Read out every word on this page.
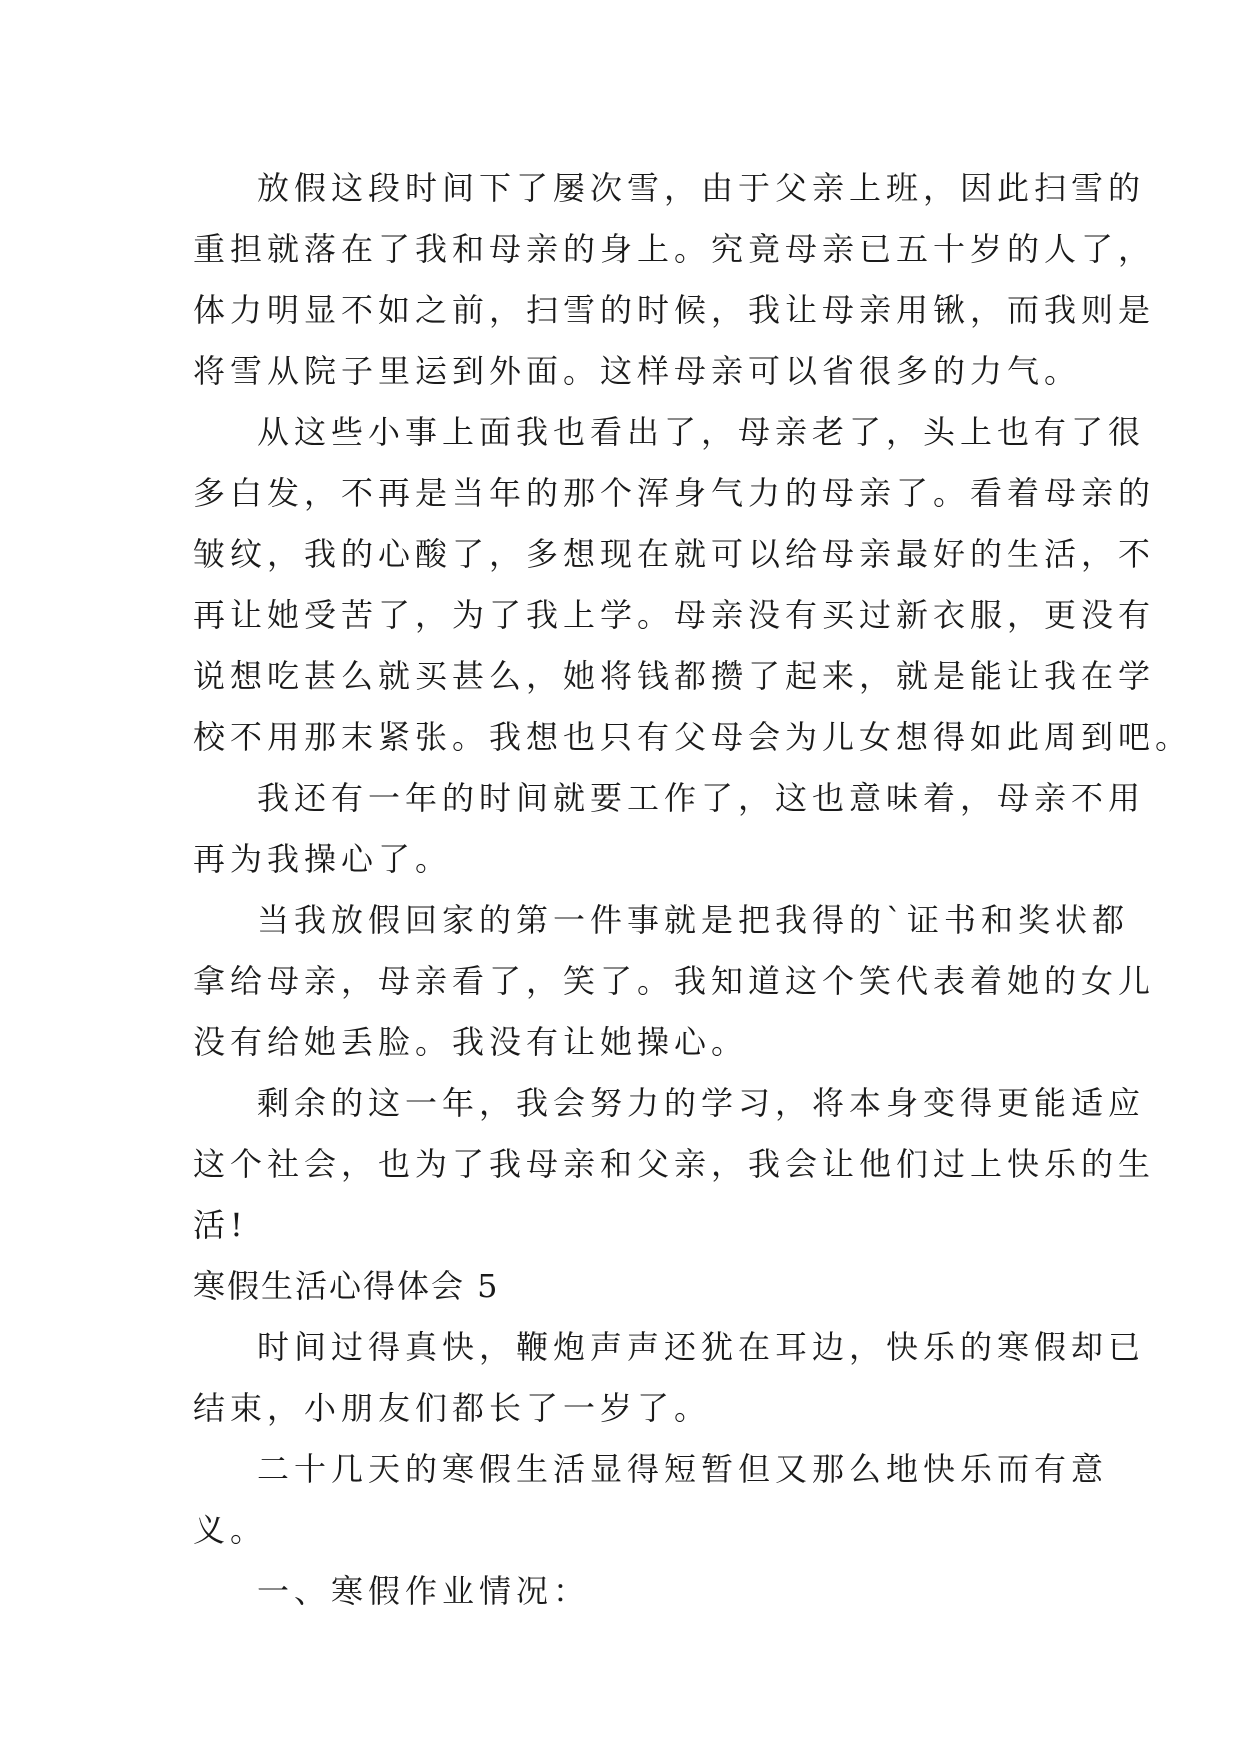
放假这段时间下了屡次雪，由于父亲上班，因此扫雪的
重担就落在了我和母亲的身上。究竟母亲已五十岁的人了，
体力明显不如之前，扫雪的时候，我让母亲用锹，而我则是
将雪从院子里运到外面。这样母亲可以省很多的力气。
从这些小事上面我也看出了，母亲老了，头上也有了很
多白发，不再是当年的那个浑身气力的母亲了。看着母亲的
皱纹，我的心酸了，多想现在就可以给母亲最好的生活，不
再让她受苦了，为了我上学。母亲没有买过新衣服，更没有
说想吃甚么就买甚么，她将钱都攒了起来，就是能让我在学
校不用那末紧张。我想也只有父母会为儿女想得如此周到吧。
我还有一年的时间就要工作了，这也意味着，母亲不用
再为我操心了。
当我放假回家的第一件事就是把我得的`证书和奖状都
拿给母亲，母亲看了，笑了。我知道这个笑代表着她的女儿
没有给她丢脸。我没有让她操心。
剩余的这一年，我会努力的学习，将本身变得更能适应
这个社会，也为了我母亲和父亲，我会让他们过上快乐的生
活!
寒假生活心得体会 5
时间过得真快，鞭炮声声还犹在耳边，快乐的寒假却已
结束，小朋友们都长了一岁了。
二十几天的寒假生活显得短暂但又那么地快乐而有意
义。
一、寒假作业情况：
